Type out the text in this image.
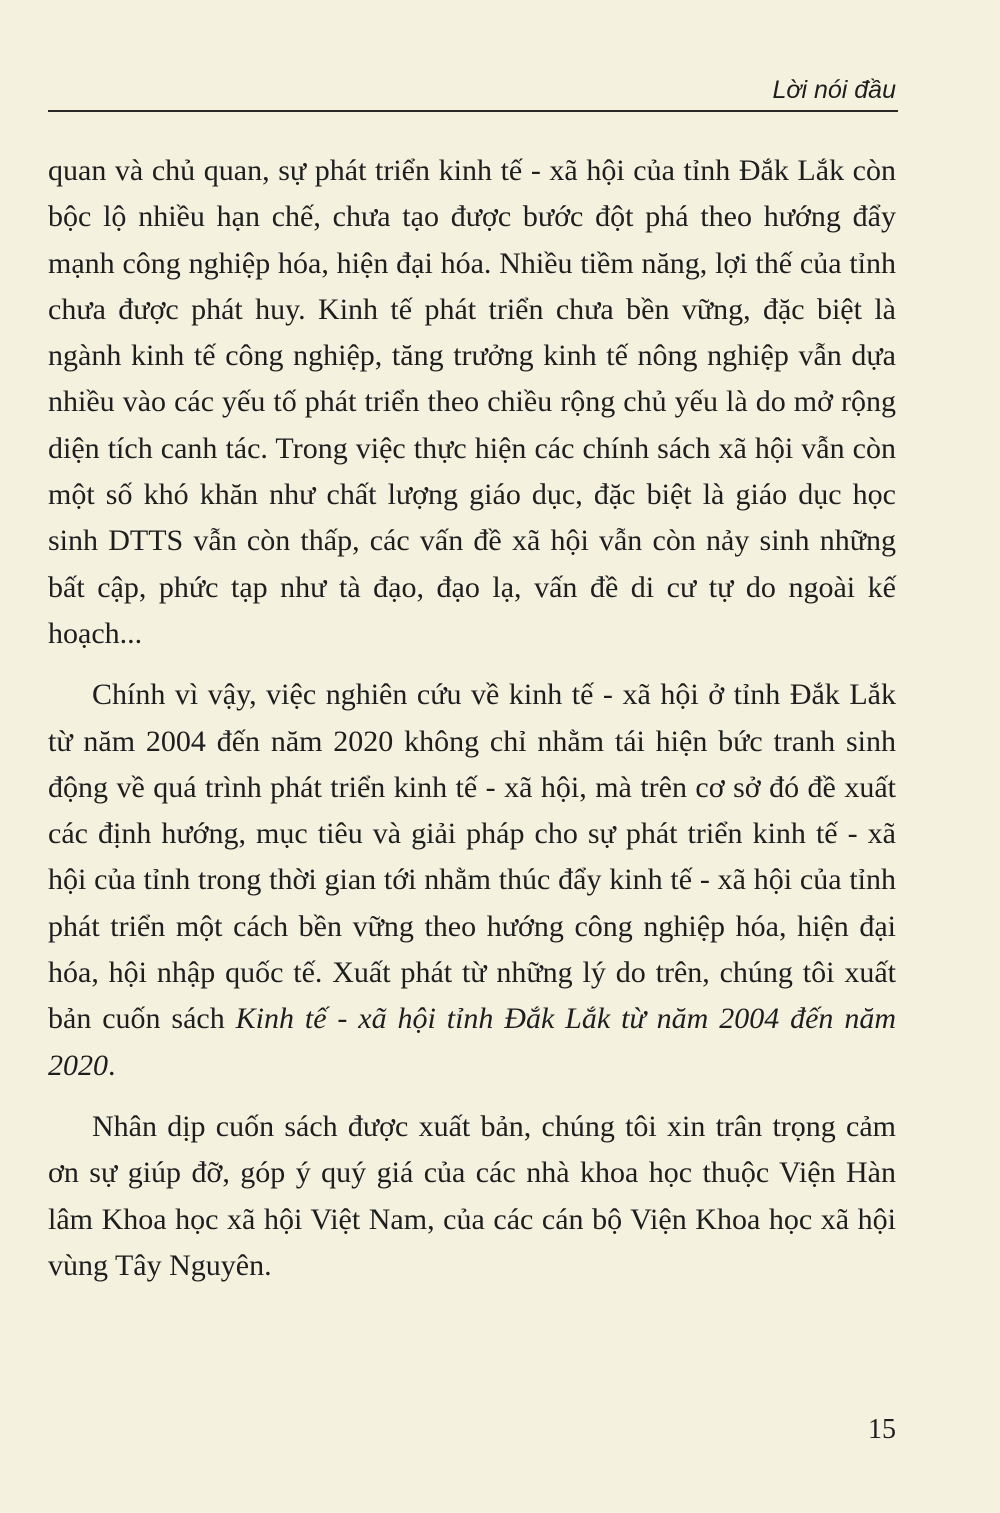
Lời nói đầu

quan và chủ quan, sự phát triển kinh tế - xã hội của tỉnh Đắk Lắk còn bộc lộ nhiều hạn chế, chưa tạo được bước đột phá theo hướng đẩy mạnh công nghiệp hóa, hiện đại hóa. Nhiều tiềm năng, lợi thế của tỉnh chưa được phát huy. Kinh tế phát triển chưa bền vững, đặc biệt là ngành kinh tế công nghiệp, tăng trưởng kinh tế nông nghiệp vẫn dựa nhiều vào các yếu tố phát triển theo chiều rộng chủ yếu là do mở rộng diện tích canh tác. Trong việc thực hiện các chính sách xã hội vẫn còn một số khó khăn như chất lượng giáo dục, đặc biệt là giáo dục học sinh DTTS vẫn còn thấp, các vấn đề xã hội vẫn còn nảy sinh những bất cập, phức tạp như tà đạo, đạo lạ, vấn đề di cư tự do ngoài kế hoạch...

Chính vì vậy, việc nghiên cứu về kinh tế - xã hội ở tỉnh Đắk Lắk từ năm 2004 đến năm 2020 không chỉ nhằm tái hiện bức tranh sinh động về quá trình phát triển kinh tế - xã hội, mà trên cơ sở đó đề xuất các định hướng, mục tiêu và giải pháp cho sự phát triển kinh tế - xã hội của tỉnh trong thời gian tới nhằm thúc đẩy kinh tế - xã hội của tỉnh phát triển một cách bền vững theo hướng công nghiệp hóa, hiện đại hóa, hội nhập quốc tế. Xuất phát từ những lý do trên, chúng tôi xuất bản cuốn sách Kinh tế - xã hội tỉnh Đắk Lắk từ năm 2004 đến năm 2020.

Nhân dịp cuốn sách được xuất bản, chúng tôi xin trân trọng cảm ơn sự giúp đỡ, góp ý quý giá của các nhà khoa học thuộc Viện Hàn lâm Khoa học xã hội Việt Nam, của các cán bộ Viện Khoa học xã hội vùng Tây Nguyên.

15
